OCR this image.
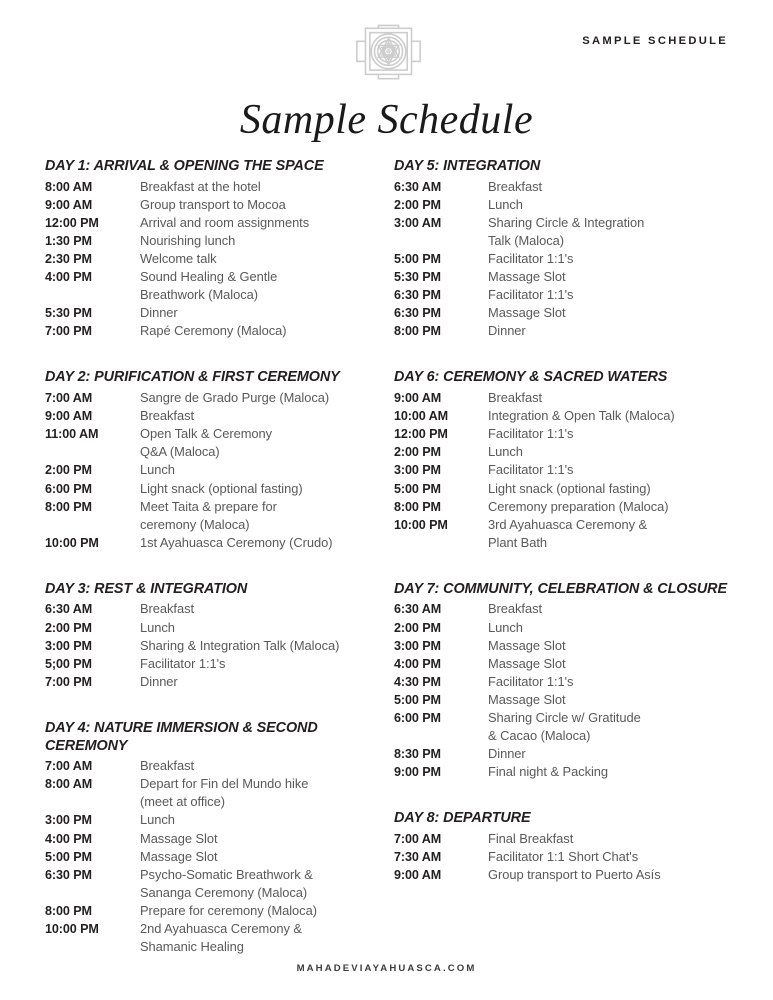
SAMPLE SCHEDULE
Sample Schedule
DAY 1: ARRIVAL & OPENING THE SPACE
8:00 AM	Breakfast at the hotel
9:00 AM	Group transport to Mocoa
12:00 PM	Arrival and room assignments
1:30 PM	Nourishing lunch
2:30 PM	Welcome talk
4:00 PM	Sound Healing & Gentle
Breathwork (Maloca)
5:30 PM	Dinner
7:00 PM	Rapé Ceremony (Maloca)
DAY 2: PURIFICATION & FIRST CEREMONY
7:00 AM	Sangre de Grado Purge (Maloca)
9:00 AM	Breakfast
11:00 AM	Open Talk & Ceremony
Q&A (Maloca)
2:00 PM	Lunch
6:00 PM	Light snack (optional fasting)
8:00 PM	Meet Taita & prepare for
ceremony (Maloca)
10:00 PM	1st Ayahuasca Ceremony (Crudo)
DAY 3: REST & INTEGRATION
6:30 AM	Breakfast
2:00 PM	Lunch
3:00 PM	Sharing & Integration Talk (Maloca)
5;00 PM	Facilitator 1:1's
7:00 PM	Dinner
DAY 4: NATURE IMMERSION & SECOND CEREMONY
7:00 AM	Breakfast
8:00 AM	Depart for Fin del Mundo hike
(meet at office)
3:00 PM	Lunch
4:00 PM	Massage Slot
5:00 PM	Massage Slot
6:30 PM	Psycho-Somatic Breathwork &
Sananga Ceremony (Maloca)
8:00 PM	Prepare for ceremony (Maloca)
10:00 PM	2nd Ayahuasca Ceremony &
Shamanic Healing
DAY 5: INTEGRATION
6:30 AM	Breakfast
2:00 PM	Lunch
3:00 AM	Sharing Circle & Integration
Talk (Maloca)
5:00 PM	Facilitator 1:1's
5:30 PM	Massage Slot
6:30 PM	Facilitator 1:1's
6:30 PM	Massage Slot
8:00 PM	Dinner
DAY 6: CEREMONY & SACRED WATERS
9:00 AM	Breakfast
10:00 AM	Integration & Open Talk (Maloca)
12:00 PM	Facilitator 1:1's
2:00 PM	Lunch
3:00 PM	Facilitator 1:1's
5:00 PM	Light snack (optional fasting)
8:00 PM	Ceremony preparation (Maloca)
10:00 PM	3rd Ayahuasca Ceremony &
Plant Bath
DAY 7: COMMUNITY, CELEBRATION & CLOSURE
6:30 AM	Breakfast
2:00 PM	Lunch
3:00 PM	Massage Slot
4:00 PM	Massage Slot
4:30 PM	Facilitator 1:1's
5:00 PM	Massage Slot
6:00 PM	Sharing Circle w/ Gratitude
& Cacao (Maloca)
8:30 PM	Dinner
9:00 PM	Final night & Packing
DAY 8: DEPARTURE
7:00 AM	Final Breakfast
7:30 AM	Facilitator 1:1 Short Chat's
9:00 AM	Group transport to Puerto Asís
MAHADEVIAYAHUASCA.COM
